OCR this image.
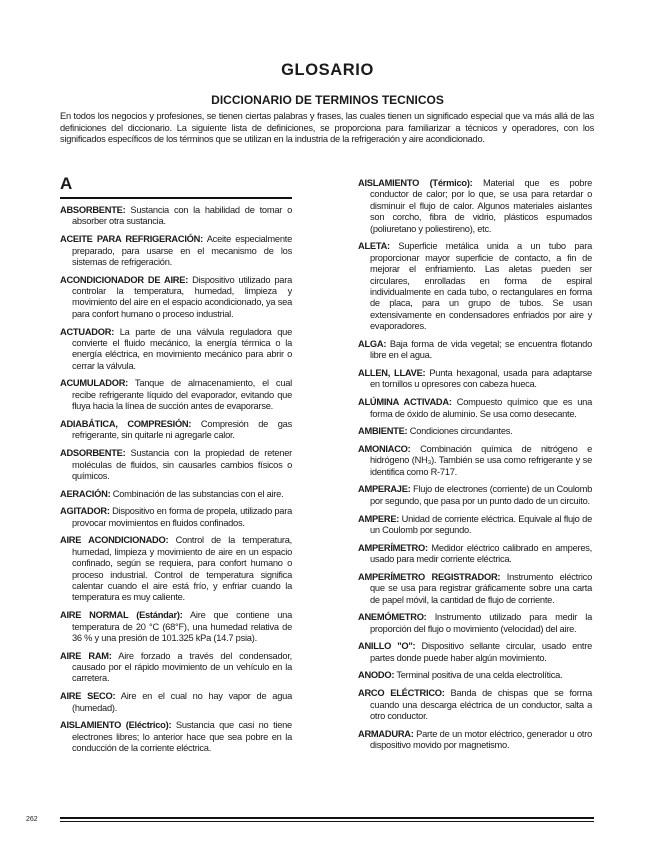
GLOSARIO
DICCIONARIO DE TERMINOS TECNICOS
En todos los negocios y profesiones, se tienen ciertas palabras y frases, las cuales tienen un significado especial que va más allá de las definiciones del diccionario. La siguiente lista de definiciones, se proporciona para familiarizar a técnicos y operadores, con los significados específicos de los términos que se utilizan en la industria de la refrigeración y aire acondicionado.
A
ABSORBENTE: Sustancia con la habilidad de tomar o absorber otra sustancia.
ACEITE PARA REFRIGERACIÓN: Aceite especialmente preparado, para usarse en el mecanismo de los sistemas de refrigeración.
ACONDICIONADOR DE AIRE: Dispositivo utilizado para controlar la temperatura, humedad, limpieza y movimiento del aire en el espacio acondicionado, ya sea para confort humano o proceso industrial.
ACTUADOR: La parte de una válvula reguladora que convierte el fluido mecánico, la energía térmica o la energía eléctrica, en movimiento mecánico para abrir o cerrar la válvula.
ACUMULADOR: Tanque de almacenamiento, el cual recibe refrigerante líquido del evaporador, evitando que fluya hacia la línea de succión antes de evaporarse.
ADIABÁTICA, COMPRESIÓN: Compresión de gas refrigerante, sin quitarle ni agregarle calor.
ADSORBENTE: Sustancia con la propiedad de retener moléculas de fluidos, sin causarles cambios físicos o químicos.
AERACIÓN: Combinación de las substancias con el aire.
AGITADOR: Dispositivo en forma de propela, utilizado para provocar movimientos en fluidos confinados.
AIRE ACONDICIONADO: Control de la temperatura, humedad, limpieza y movimiento de aire en un espacio confinado, según se requiera, para confort humano o proceso industrial. Control de temperatura significa calentar cuando el aire está frío, y enfriar cuando la temperatura es muy caliente.
AIRE NORMAL (Estándar): Aire que contiene una temperatura de 20 °C (68°F), una humedad relativa de 36 % y una presión de 101.325 kPa (14.7 psia).
AIRE RAM: Aire forzado a través del condensador, causado por el rápido movimiento de un vehículo en la carretera.
AIRE SECO: Aire en el cual no hay vapor de agua (humedad).
AISLAMIENTO (Eléctrico): Sustancia que casi no tiene electrones libres; lo anterior hace que sea pobre en la conducción de la corriente eléctrica.
AISLAMIENTO (Térmico): Material que es pobre conductor de calor; por lo que, se usa para retardar o disminuir el flujo de calor. Algunos materiales aislantes son corcho, fibra de vidrio, plásticos espumados (poliuretano y poliestireno), etc.
ALETA: Superficie metálica unida a un tubo para proporcionar mayor superficie de contacto, a fin de mejorar el enfriamiento. Las aletas pueden ser circulares, enrolladas en forma de espiral individualmente en cada tubo, o rectangulares en forma de placa, para un grupo de tubos. Se usan extensivamente en condensadores enfriados por aire y evaporadores.
ALGA: Baja forma de vida vegetal; se encuentra flotando libre en el agua.
ALLEN, LLAVE: Punta hexagonal, usada para adaptarse en tornillos u opresores con cabeza hueca.
ALÚMINA ACTIVADA: Compuesto químico que es una forma de óxido de aluminio. Se usa como desecante.
AMBIENTE: Condiciones circundantes.
AMONIACO: Combinación química de nitrógeno e hidrógeno (NH₃). También se usa como refrigerante y se identifica como R-717.
AMPERAJE: Flujo de electrones (corriente) de un Coulomb por segundo, que pasa por un punto dado de un circuito.
AMPERE: Unidad de corriente eléctrica. Equivale al flujo de un Coulomb por segundo.
AMPERÍMETRO: Medidor eléctrico calibrado en amperes, usado para medir corriente eléctrica.
AMPERÍMETRO REGISTRADOR: Instrumento eléctrico que se usa para registrar gráficamente sobre una carta de papel móvil, la cantidad de flujo de corriente.
ANEMÓMETRO: Instrumento utilizado para medir la proporción del flujo o movimiento (velocidad) del aire.
ANILLO "O": Dispositivo sellante circular, usado entre partes donde puede haber algún movimiento.
ANODO: Terminal positiva de una celda electrolítica.
ARCO ELÉCTRICO: Banda de chispas que se forma cuando una descarga eléctrica de un conductor, salta a otro conductor.
ARMADURA: Parte de un motor eléctrico, generador u otro dispositivo movido por magnetismo.
262
